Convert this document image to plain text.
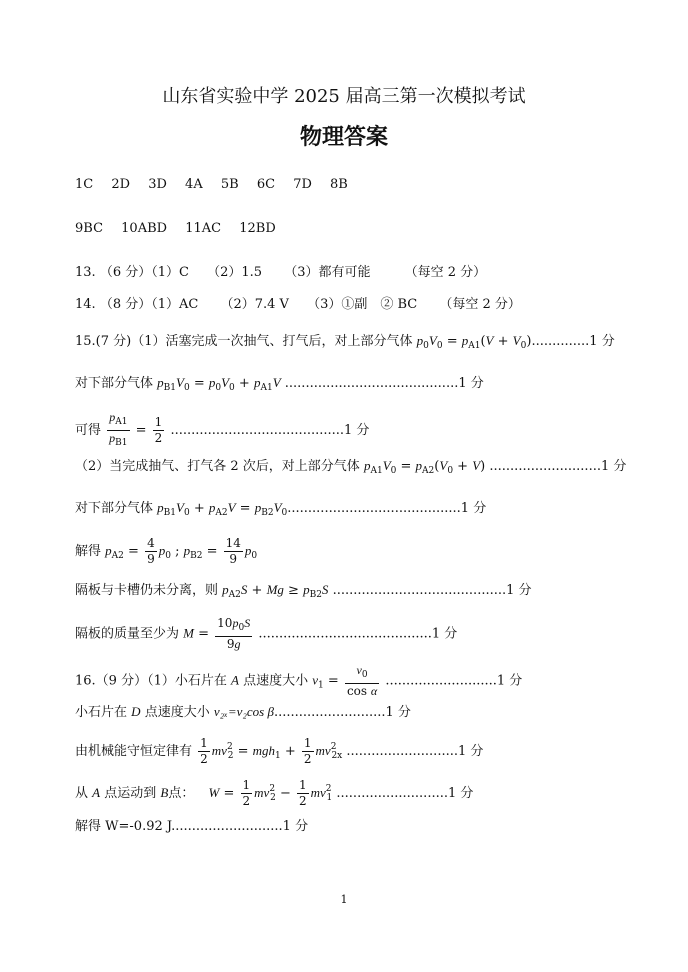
山东省实验中学 2025 届高三第一次模拟考试
物理答案
1C 2D 3D 4A 5B 6C 7D 8B
9BC 10ABD 11AC 12BD
13. （6 分）（1）C （2）1.5 （3）都有可能	（每空 2 分）
14. （8 分）（1）AC （2）7.4 V （3）①副　② BC （每空 2 分）
15.(7 分)（1）活塞完成一次抽气、打气后，对上部分气体 $p_0V_0 = p_{A1}(V + V_0)..............1$ 分
对下部分气体 $p_{B1}V_0 = p_0V_0 + p_{A1}V$ ..........................................1 分
可得 $\frac{p_{A1}}{p_{B1}} = \frac{1}{2} ..........................................1$ 分
（2）当完成抽气、打气各 2 次后，对上部分气体 $p_{A1}V_0 = p_{A2}(V_0 + V)$ ...........................1 分
对下部分气体 $p_{B1}V_0 + p_{A2}V = p_{B2}V_0..........................................1$ 分
解得 $p_{A2} = \frac{4}{9} p_0$ ; $p_{B2} = \frac{14}{9} p_0$
隔板与卡槽仍未分离，则 $p_{A2}S + Mg \ge p_{B2}S$ ..........................................1 分
隔板的质量至少为 $M = \frac{10p_0S}{9g} ..........................................1$ 分
16.（9 分）（1）小石片在 A 点速度大小 $v_1 = \frac{v_0}{\text{cos α}} ...........................1$ 分
小石片在 D 点速度大小 v₂ₓ=v₂cos β...........................1 分
由机械能守恒定律有 $\frac{1}{2} mv^2_2 = mgh_1 + \frac{1}{2} mv^2_{2x}$ ...........................1 分
从 A 点运动到 B点： $W = \frac{1}{2} mv^2_2 - \frac{1}{2} mv^2_1$ ...........................1 分
解得 W=-0.92 J...........................1 分
1
